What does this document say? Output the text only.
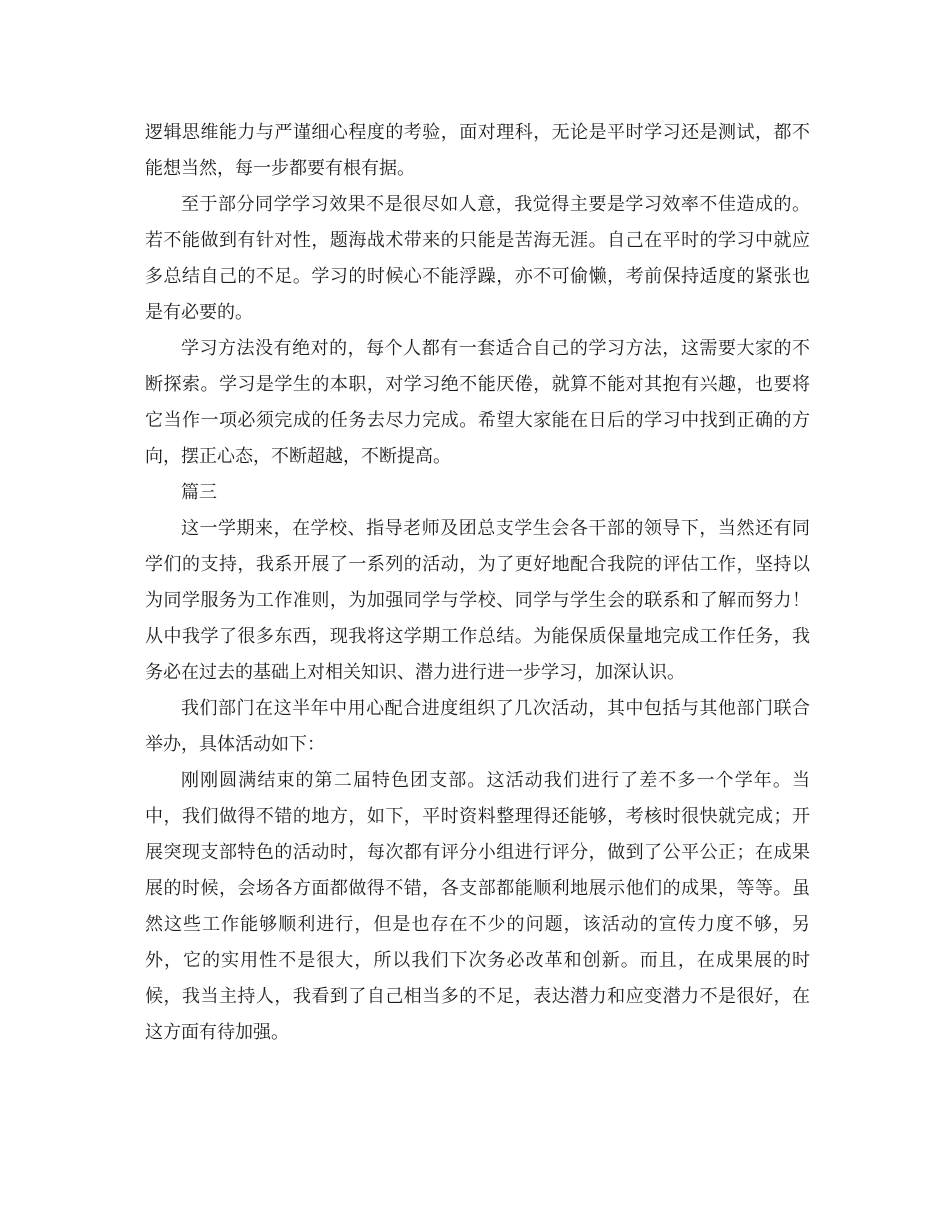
逻辑思维能力与严谨细心程度的考验，面对理科，无论是平时学习还是测试，都不能想当然，每一步都要有根有据。

至于部分同学学习效果不是很尽如人意，我觉得主要是学习效率不佳造成的。若不能做到有针对性，题海战术带来的只能是苦海无涯。自己在平时的学习中就应多总结自己的不足。学习的时候心不能浮躁，亦不可偷懒，考前保持适度的紧张也是有必要的。

学习方法没有绝对的，每个人都有一套适合自己的学习方法，这需要大家的不断探索。学习是学生的本职，对学习绝不能厌倦，就算不能对其抱有兴趣，也要将它当作一项必须完成的任务去尽力完成。希望大家能在日后的学习中找到正确的方向，摆正心态，不断超越，不断提高。

篇三

这一学期来，在学校、指导老师及团总支学生会各干部的领导下，当然还有同学们的支持，我系开展了一系列的活动，为了更好地配合我院的评估工作，坚持以为同学服务为工作准则，为加强同学与学校、同学与学生会的联系和了解而努力！从中我学了很多东西，现我将这学期工作总结。为能保质保量地完成工作任务，我务必在过去的基础上对相关知识、潜力进行进一步学习，加深认识。

我们部门在这半年中用心配合进度组织了几次活动，其中包括与其他部门联合举办，具体活动如下：

刚刚圆满结束的第二届特色团支部。这活动我们进行了差不多一个学年。当中，我们做得不错的地方，如下，平时资料整理得还能够，考核时很快就完成；开展突现支部特色的活动时，每次都有评分小组进行评分，做到了公平公正；在成果展的时候，会场各方面都做得不错，各支部都能顺利地展示他们的成果，等等。虽然这些工作能够顺利进行，但是也存在不少的问题，该活动的宣传力度不够，另外，它的实用性不是很大，所以我们下次务必改革和创新。而且，在成果展的时候，我当主持人，我看到了自己相当多的不足，表达潜力和应变潜力不是很好，在这方面有待加强。
